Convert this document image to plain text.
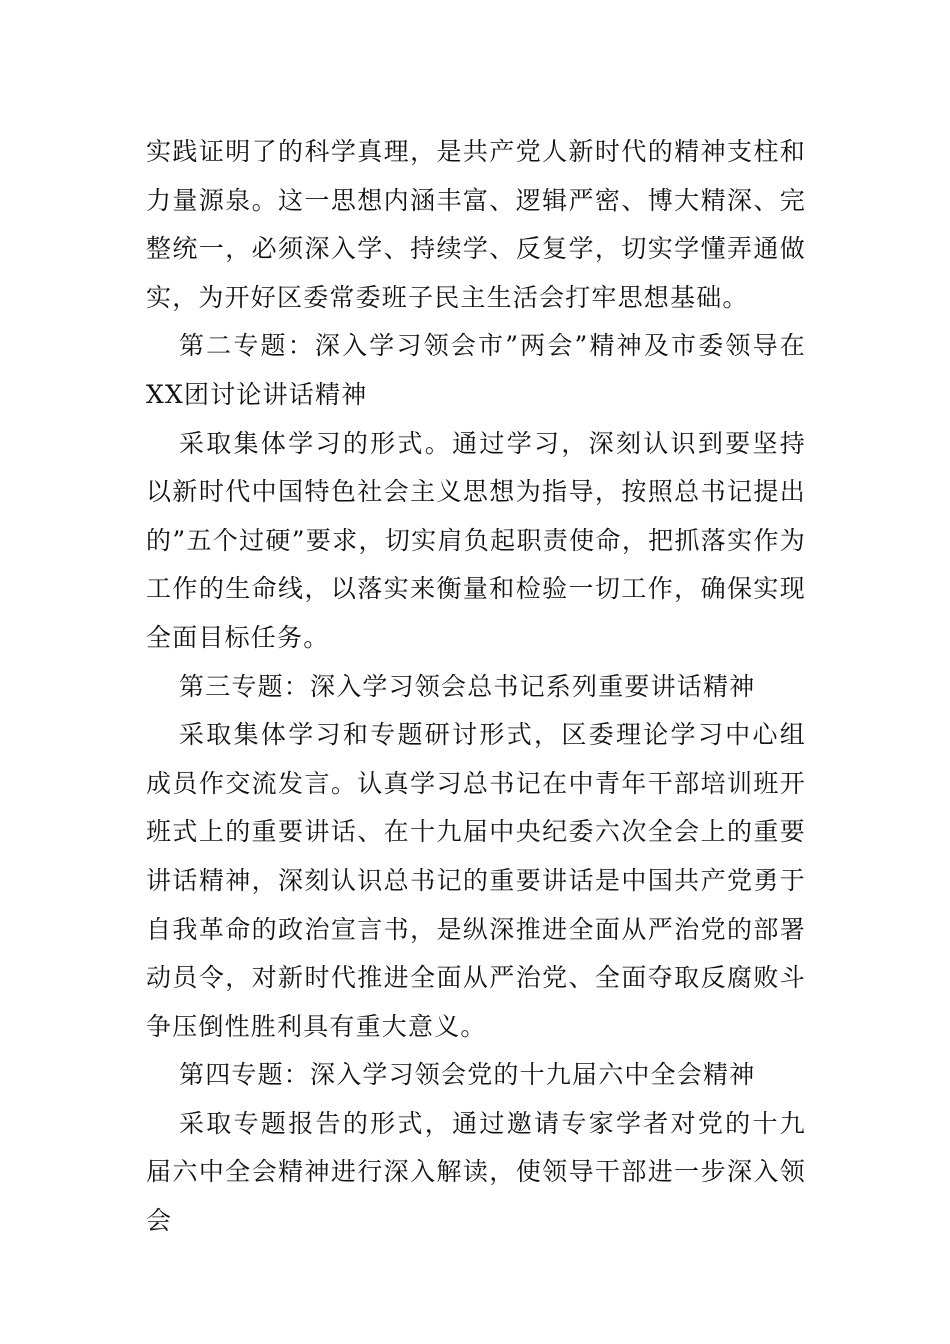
实践证明了的科学真理，是共产党人新时代的精神支柱和力量源泉。这一思想内涵丰富、逻辑严密、博大精深、完整统一，必须深入学、持续学、反复学，切实学懂弄通做实，为开好区委常委班子民主生活会打牢思想基础。

第二专题：深入学习领会市”两会”精神及市委领导在XX团讨论讲话精神

采取集体学习的形式。通过学习，深刻认识到要坚持以新时代中国特色社会主义思想为指导，按照总书记提出的”五个过硬”要求，切实肩负起职责使命，把抓落实作为工作的生命线，以落实来衡量和检验一切工作，确保实现全面目标任务。

第三专题：深入学习领会总书记系列重要讲话精神

采取集体学习和专题研讨形式，区委理论学习中心组成员作交流发言。认真学习总书记在中青年干部培训班开班式上的重要讲话、在十九届中央纪委六次全会上的重要讲话精神，深刻认识总书记的重要讲话是中国共产党勇于自我革命的政治宣言书，是纵深推进全面从严治党的部署动员令，对新时代推进全面从严治党、全面夺取反腐败斗争压倒性胜利具有重大意义。

第四专题：深入学习领会党的十九届六中全会精神

采取专题报告的形式，通过邀请专家学者对党的十九届六中全会精神进行深入解读，使领导干部进一步深入领会
